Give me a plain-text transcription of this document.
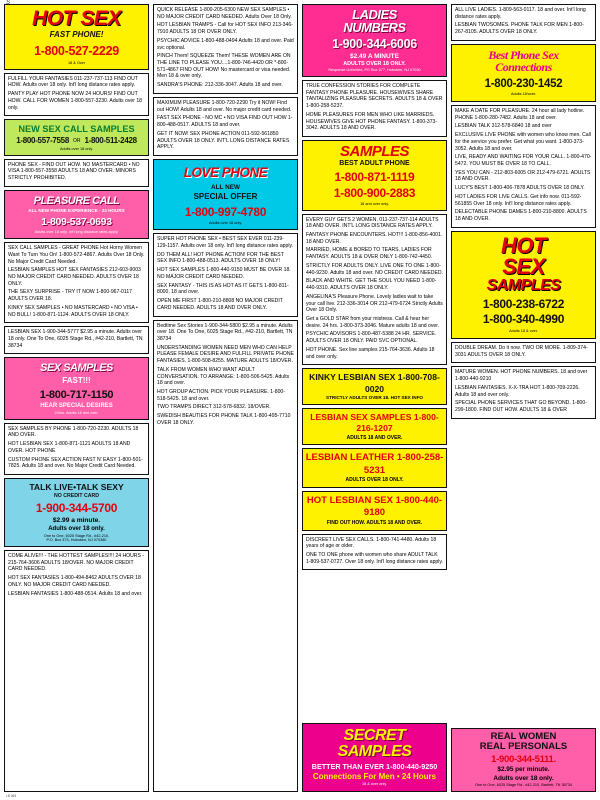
S
HOT SEX
FAST PHONE!
1-800-527-2229
18 & Over

FULFILL YOUR FANTASIES 011-237-737-113 FIND OUT HOW. Adults over 18 only. Int'l long distance rates apply.

PANTY PLAY HOT PHONE NOW 24 HOURS! FIND OUT HOW. CALL FOR WOMEN 1-800-557-3230. Adults over 18 only.

NEW SEX CALL SAMPLES
1-800-557-7558 OR 1-800-511-2428
Adults over 18 only.

PHONE SEX - FIND OUT HOW. NO MASTERCARD • NO VISA 1-800-557-3558 ADULTS 18 AND OVER. MINORS STRICTLY PROHIBITED.

PLEASURE CALL
ALL NEW PHONE EXPERIENCE - 24 HOURS
1-809-537-0693
Adults over 18 only. Int'l long distance rates apply.

SEX CALL SAMPLES - GREAT PHONE Hot Horny Women Want To Turn You On! 1-800-572-4867. Adults Over 18 Only. No Major Credit Card Needed.

LESBIAN SAMPLES HOT SEX FANTASIES 212-603-9003 NO MAJOR CREDIT CARD NEEDED. ADULTS OVER 18 ONLY.

THE SEXY SURPRISE - TRY IT NOW 1-800-967-0117 ADULTS OVER 18.

KINKY SEX SAMPLES • NO MASTERCARD • NO VISA • NO BULL! 1-800-871-1124. ADULTS OVER 18 ONLY.

LESBIAN SEX 1-900-344-5777 $2.95 a minute. Adults over 18 only. One To One, 6025 Stage Rd., #42-210, Bartlett, TN 38734

SEX SAMPLES
FAST!!!
1-800-717-1150
HEAR SPECIAL DESIRES
24hrs. Adults 18 and over.

SEX SAMPLES BY PHONE 1-800-720-2230. ADULTS 18 AND OVER.

HOT LESBIAN SEX 1-800-871-1121 ADULTS 18 AND OVER. HOT PHONE

CUSTOM PHONE SEX ACTION FAST N' EASY 1-800-501-7825. Adults 18 and over. No Major Credit Card Needed.

TALK LIVE•TALK SEXY
NO CREDIT CARD
1-900-344-5700
$2.99 a minute.
Adults over 18 only.
One to One, 6025 Stage Rd., #42-210,
P.O. Box 373, Hoboken, NJ 070380

COME ALIVE!!! - THE HOTTEST SAMPLES!!!! 24 HOURS - 215-764-3606 ADULTS 18/OVER. NO MAJOR CREDIT CARD NEEDED.

HOT SEX FANTASIES 1-800-494-8462 ADULTS OVER 18 ONLY. NO MAJOR CREDIT CARD NEEDED.

LESBIAN FANTASIES 1-800-488-0514. Adults 18 and over.

QUICK RELEASE 1-800-205-6300 NEW SEX SAMPLES • NO MAJOR CREDIT CARD NEEDED. Adults Over 18 Only.

HOT LESBIAN TRAMPS - Call for HOT SEX INFO 213-346-7910 ADULTS 18 OR OVER ONLY.

PSYCHIC ADVICE 1-800-488-0494 Adults 18 and over. Paid svc optional.

PINCH Them! SQUEEZE Them! THESE WOMEN ARE ON THE LINE TO PLEASE YOU....1-800-746-4420 OR *-800-571-4867 FIND OUT HOW! No mastercard or visa needed. Men 18 & over only.

SANDRA'S PHONE: 212-336-3047. Adults 18 and over.

MAXIMUM PLEASURE 1-800-720-2290 Try it NOW! Find out HOW! Adults 18 and over. No major credit card needed.

FAST SEX PHONE - NO MC • NO VISA FIND OUT HOW 1-800-488-0517. ADULTS 18 and over.

GET IT NOW! SEX PHONE ACTION 011-592-561850 ADULTS OVER 18 ONLY. INT'L LONG DISTANCE RATES APPLY.

LOVE PHONE
ALL NEW
SPECIAL OFFER
1-800-997-4780
Adults over 18 only.

SUPER HOT PHONE SEX • BEST SEX EVER 011-239-129-1157. Adults over 18 only. Int'l long distance rates apply.

DO THEM ALL! HOT PHONE ACTION! FOR THE BEST SEX INFO 1-800-488-0513. ADULTS OVER 18 ONLY!

HOT SEX SAMPLES 1-800-440-9150 MUST BE OVER 18. NO MAJOR CREDIT CARD NEEDED.

SEX FANTASY - THIS IS AS HOT AS IT GETS 1-800-811-8000. 18 and over.

OPEN ME FIRST 1-800-210-8808 NO MAJOR CREDIT CARD NEEDED. ADULTS 18 AND OVER ONLY.

Bedtime Sex Stories 1-900-344-5800 $2.95 a minute. Adults over 18. One To One, 6025 Stage Rd., #42-210, Bartlett, TN 38734

UNDERSTANDING WOMEN NEED MEN WHO CAN HELP PLEASE FEMALE DESIRE AND FULFILL PRIVATE PHONE FANTASIES. 1-800-508-8255. MATURE ADULTS 18/OVER.

TALK FROM WOMEN WHO WANT ADULT CONVERSATION. TO ARRANGE: 1-800-506-5425. Adults 18 and over.

HOT GROUP ACTION. PICK YOUR PLEASURE. 1-800-518-5425. 18 and over.

TWO TRAMPS DIRECT 312-578-6832. 18/OVER.

SWEDISH BEAUTIES FOR PHONE TALK 1-800-495-7710 OVER 18 ONLY.

LADIES
NUMBERS
1-900-344-6006
$2.49 A MINUTE
ADULTS OVER 18 ONLY.
Response Unlimited, PO Box 577, Hoboken, NJ 07030

TRUE CONFESSION STORIES FOR COMPLETE FANTASY PHONE PLEASURE. HOUSEWIVES SHARE TANTALIZING PLEASURE SECRETS. ADULTS 18 & OVER 1-800-258-5237.

HOME PLEASURES FOR MEN WHO LIKE MARRIEDS. HOUSEWIVES GIVE HOT PHONE FANTASY. 1-800-373-3042. ADULTS 18 AND OVER.

SAMPLES
BEST ADULT PHONE
1-800-871-1119
1-800-900-2883
18 and over only.

EVERY GUY GETS 2 WOMEN. 011-237-737-114 ADULTS 18 AND OVER. INT'L LONG DISTANCE RATES APPLY.

FANTASY PHONE ENCOUNTERS. HOT!!! 1-800-856-4001. 18 AND OVER.

MARRIED, HOME & BORED TO TEARS. LADIES FOR FANTASY. ADULTS 18 & OVER ONLY 1-800-742-4450.

STRICTLY FOR ADULTS ONLY. LIVE ONE TO ONE 1-800-440-9230. Adults 18 and over. NO CREDIT CARD NEEDED.

BLACK AND WHITE. GET THE SOUL YOU NEED 1-800-440-9310. ADULTS OVER 18 ONLY.

ANGELINA'S Pleasure Phone. Lovely ladies wait to take your call live. 212-336-3014 OR 212-479-6724 Strictly Adults Over 18 Only.

Get a GOLD STAR from your mistress. Call & hear her desire. 24 hrs. 1-800-373-3046. Mature adults 18 and over.

PSYCHIC ADVISORS 1-800-487-5388 24 HR. SERVICE. ADULTS OVER 18 ONLY. PAID SVC OPTIONAL.

HOT PHONE. Sex line samples 215-764-3636. Adults 18 and over only.

KINKY LESBIAN SEX 1-800-708-0020
STRICTLY ADULTS OVER 18. HOT SEX INFO
LESBIAN SEX SAMPLES 1-800-216-1207
ADULTS 18 AND OVER.
LESBIAN LEATHER 1-800-258-5231
ADULTS OVER 18 ONLY.
HOT LESBIAN SEX 1-800-440-9180
FIND OUT HOW. ADULTS 18 AND OVER.

DISCREET LIVE SEX CALLS. 1-800-741-4480. Adults 18 years of age or older.

ONE TO ONE phone with women who share ADULT TALK 1-809-537-0727. Over 18 only. Int'l long distance rates apply.

SECRET SAMPLES
BETTER THAN EVER 1-800-440-9250
Connections For Men • 24 Hours
18 & over only.

ALL LIVE LADIES. 1-809-563-0117. 18 and over. Int'l long distance rates apply.

LESBIAN TWOSOMES. PHONE TALK FOR MEN 1-800-267-8105. ADULTS OVER 18 ONLY.

Best Phone Sex
Connections
1-800-230-1452
Adults 18/over.

MAKE A DATE FOR PLEASURE. 24 hour all lady hotline. PHONE 1-800-280-7482. Adults 18 and over.

LESBIAN TALK 312-578-6840 18 and over

EXCLUSIVE LIVE PHONE with women who know men. Call for the service you prefer. Get what you want. 1-800-373-3052. Adults 18 and over.

LIVE, READY AND WAITING FOR YOUR CALL. 1-800-470-5472. YOU MUST BE OVER 18 TO CALL.

YES YOU CAN - 212-803-6005 OR 212-479-6721. ADULTS 18 AND OVER.

LUCY'S BEST 1-800-406-7878 ADULTS OVER 18 ONLY.

HOT LADIES FOR LIVE CALLS. Get info now. 011-592-561855 Over 18 only. Int'l long distance rates apply.

DELECTABLE PHONE DAMES 1-800-210-8800. ADULTS 18 AND OVER.

HOT
SEX
SAMPLES
1-800-238-6722
1-800-340-4990
Adults 18 & over.

DOUBLE DREAM. Do it now. TWO OR MORE. 1-809-374-3031 ADULTS OVER 18 ONLY.

MATURE WOMEN. HOT PHONE NUMBERS. 18 and over 1-800-440-9210

LESBIAN FANTASIES. X-X-TRA HOT 1-800-709-2226. Adults 18 and over only.

SPECIAL PHONE SERVICES THAT GO BEYOND. 1-800-299-1800. FIND OUT HOW. ADULTS 18 & OVER

REAL WOMEN
REAL PERSONALS
1-900-344-5111.
$2.95 per minute.
Adults over 18 only.
One to One, 6025 Stage Rd., #42-210, Bartlett, TN 38734
LB 065
